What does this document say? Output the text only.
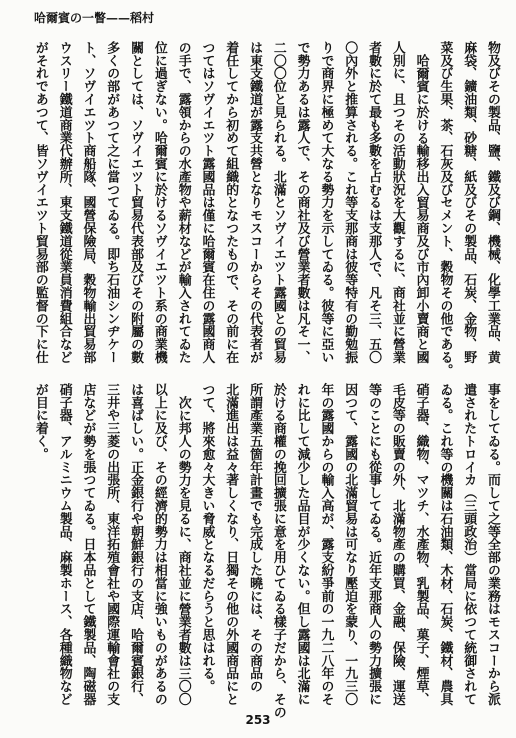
哈爾賓の一瞥——稻村
物及びその製品、鹽、鐵及び鋼、機械、化學工業品、黄
麻袋、鑛油類、砂糖、紙及びその製品、石炭、金物、野
菜及び生果、茶、石灰及びセメント、穀物その他である。
哈爾賓に於ける輸移出入貿易商及び市內卸小賣商と國
人別に、且つその活動狀況を大觀するに、商社並に營業
者數に於て最も多數を占むるは支那人で、凡そ三、五〇
〇內外と推算される。これ等支那商は彼等特有の勤勉振
りで商界に極めて大なる勢力を示してゐる。彼等に亞い
で勢力あるは露人で、その商社及び營業者數は凡そ一、
二〇〇位と見られる。北滿とソヴイエツト露國との貿易
は東支鐵道が露支共營となりモスコーからその代表者が
着任してから初めて組織的となつたもので、その前に在
つてはソヴイエツト露國品は僅に哈爾賓在住の露國商人
の手で、露領からの水產物や薪材などが輸入されてゐた
位に過ぎない。哈爾賓に於けるソヴイエツト系の商業機
關としては、ソヴイエツト貿易代表部及びその附屬の數
多くの部があつて之に當つてゐる。即ち石油シンヂケー
ト、ソヴイエツト商船隊、國營保險局、穀物輸出貿易部
ウスリー鐵道商業代辦所、東支鐵道從業員消費組合など
がそれであつて、皆ソヴイエツト貿易部の監督の下に仕
事をしてゐる。而して之等全部の業務はモスコーから派
遣されたトロイカ（三頭政治）當局に依つて統御されて
ゐる。これ等の機關は石油類、木材、石炭、鐵材、農具
硝子器、織物、マツチ、水產物、乳製品、菓子、煙草、
毛皮等の販賣の外、北滿物產の購買、金融、保險、運送
等のことにも從事してゐる。近年支那商人の勢力擴張に
因つて、露國の北滿貿易は可なり壓迫を蒙り、一九三〇
年の露國からの輸入高が、露支紛爭前の一九二八年のそ
れに比して減少した品目が少くない。但し露國は北滿に
於ける商權の挽回擴張に意を用ひてゐる樣子だから、その
所謂產業五箇年計畫でも完成した曉には、その商品の
北滿進出は益々著しくなり、日獨その他の外國商品にと
つて、將來愈々大きい脅威となるだらうと思はれる。
次に邦人の勢力を見るに、商社並に營業者數は三〇〇
以上に及び、その經濟的勢力は相當に強いものがあるの
は喜ばしい。正金銀行や朝鮮銀行の支店、哈爾賓銀行、
三井や三菱の出張所、東洋拓殖會社や國際運輸會社の支
店などが勢を張つてゐる。日本品として鐵製品、陶磁器
硝子器、アルミニウム製品、麻製ホース、各種織物など
が目に着く。
253
